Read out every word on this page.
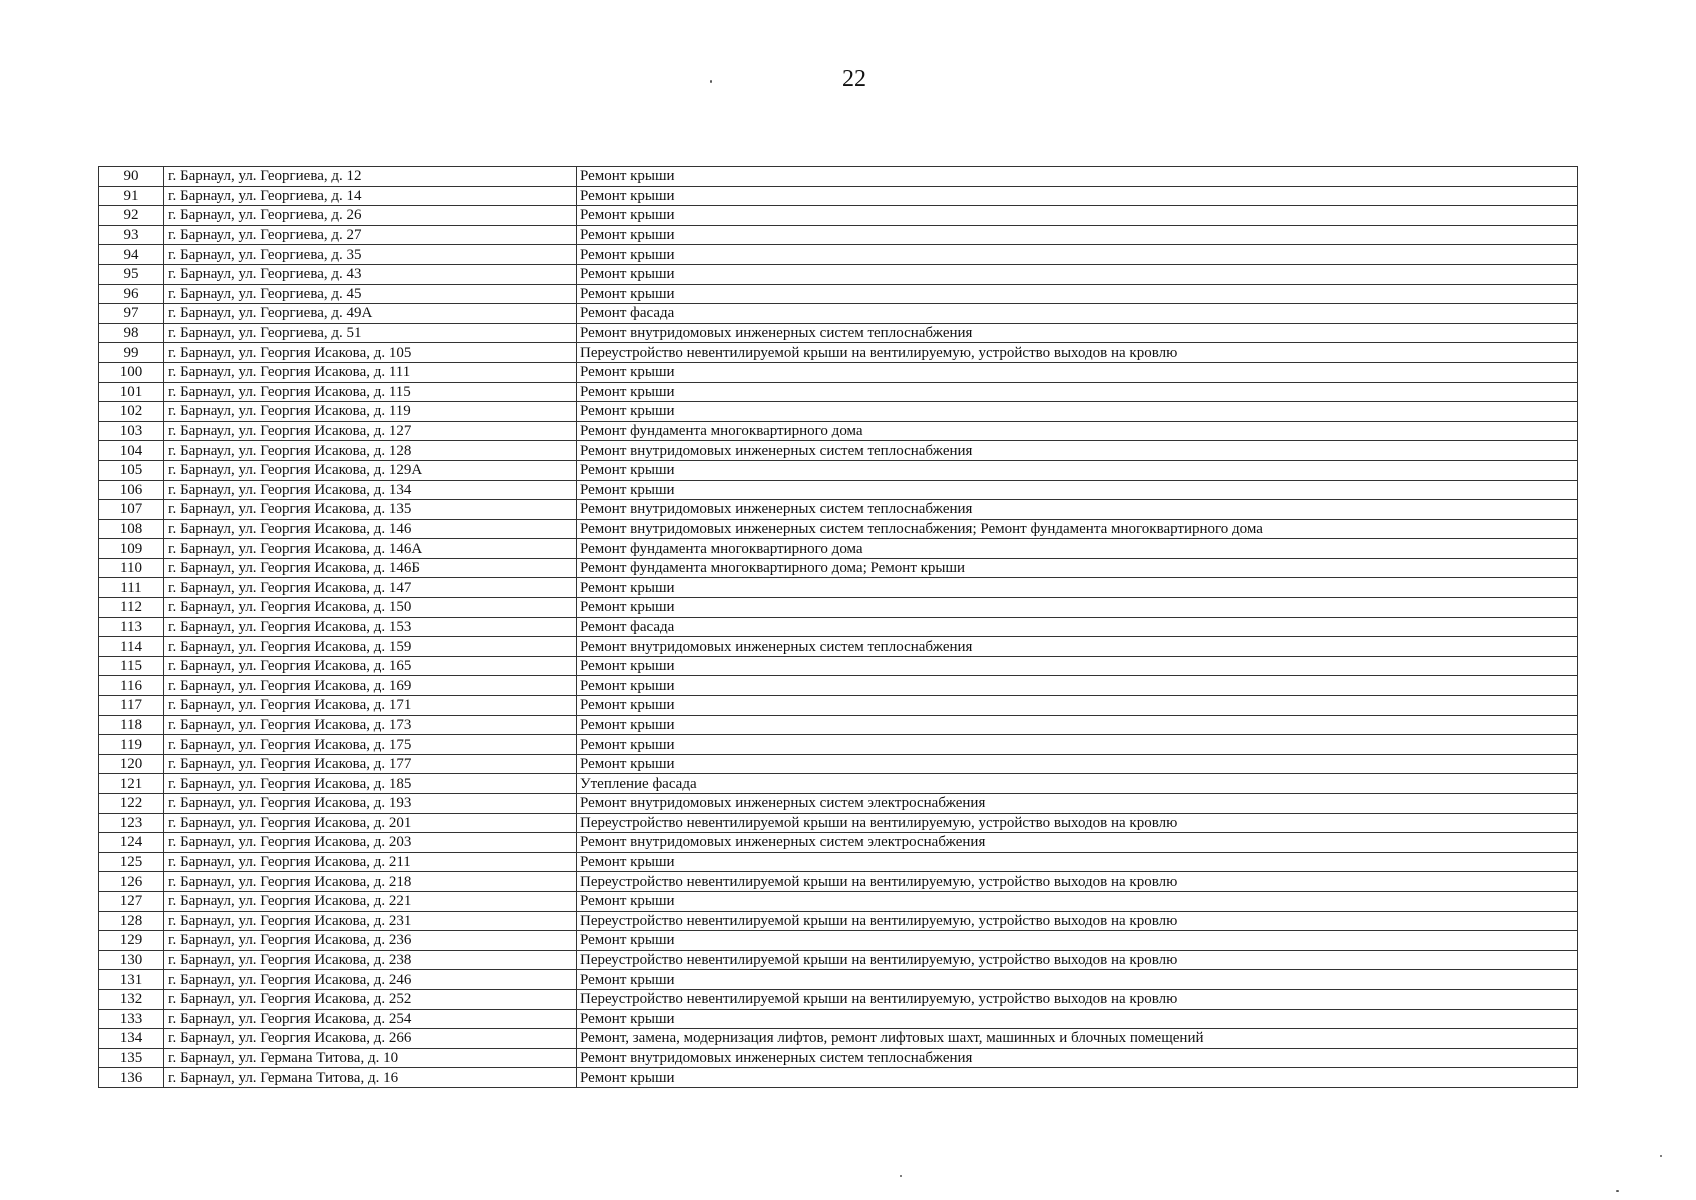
22
90	г. Барнаул, ул. Георгиева, д. 12	Ремонт крыши
91	г. Барнаул, ул. Георгиева, д. 14	Ремонт крыши
92	г. Барнаул, ул. Георгиева, д. 26	Ремонт крыши
93	г. Барнаул, ул. Георгиева, д. 27	Ремонт крыши
94	г. Барнаул, ул. Георгиева, д. 35	Ремонт крыши
95	г. Барнаул, ул. Георгиева, д. 43	Ремонт крыши
96	г. Барнаул, ул. Георгиева, д. 45	Ремонт крыши
97	г. Барнаул, ул. Георгиева, д. 49А	Ремонт фасада
98	г. Барнаул, ул. Георгиева, д. 51	Ремонт внутридомовых инженерных систем теплоснабжения
99	г. Барнаул, ул. Георгия Исакова, д. 105	Переустройство невентилируемой крыши на вентилируемую, устройство выходов на кровлю
100	г. Барнаул, ул. Георгия Исакова, д. 111	Ремонт крыши
101	г. Барнаул, ул. Георгия Исакова, д. 115	Ремонт крыши
102	г. Барнаул, ул. Георгия Исакова, д. 119	Ремонт крыши
103	г. Барнаул, ул. Георгия Исакова, д. 127	Ремонт фундамента многоквартирного дома
104	г. Барнаул, ул. Георгия Исакова, д. 128	Ремонт внутридомовых инженерных систем теплоснабжения
105	г. Барнаул, ул. Георгия Исакова, д. 129А	Ремонт крыши
106	г. Барнаул, ул. Георгия Исакова, д. 134	Ремонт крыши
107	г. Барнаул, ул. Георгия Исакова, д. 135	Ремонт внутридомовых инженерных систем теплоснабжения
108	г. Барнаул, ул. Георгия Исакова, д. 146	Ремонт внутридомовых инженерных систем теплоснабжения; Ремонт фундамента многоквартирного дома
109	г. Барнаул, ул. Георгия Исакова, д. 146А	Ремонт фундамента многоквартирного дома
110	г. Барнаул, ул. Георгия Исакова, д. 146Б	Ремонт фундамента многоквартирного дома; Ремонт крыши
111	г. Барнаул, ул. Георгия Исакова, д. 147	Ремонт крыши
112	г. Барнаул, ул. Георгия Исакова, д. 150	Ремонт крыши
113	г. Барнаул, ул. Георгия Исакова, д. 153	Ремонт фасада
114	г. Барнаул, ул. Георгия Исакова, д. 159	Ремонт внутридомовых инженерных систем теплоснабжения
115	г. Барнаул, ул. Георгия Исакова, д. 165	Ремонт крыши
116	г. Барнаул, ул. Георгия Исакова, д. 169	Ремонт крыши
117	г. Барнаул, ул. Георгия Исакова, д. 171	Ремонт крыши
118	г. Барнаул, ул. Георгия Исакова, д. 173	Ремонт крыши
119	г. Барнаул, ул. Георгия Исакова, д. 175	Ремонт крыши
120	г. Барнаул, ул. Георгия Исакова, д. 177	Ремонт крыши
121	г. Барнаул, ул. Георгия Исакова, д. 185	Утепление фасада
122	г. Барнаул, ул. Георгия Исакова, д. 193	Ремонт внутридомовых инженерных систем электроснабжения
123	г. Барнаул, ул. Георгия Исакова, д. 201	Переустройство невентилируемой крыши на вентилируемую, устройство выходов на кровлю
124	г. Барнаул, ул. Георгия Исакова, д. 203	Ремонт внутридомовых инженерных систем электроснабжения
125	г. Барнаул, ул. Георгия Исакова, д. 211	Ремонт крыши
126	г. Барнаул, ул. Георгия Исакова, д. 218	Переустройство невентилируемой крыши на вентилируемую, устройство выходов на кровлю
127	г. Барнаул, ул. Георгия Исакова, д. 221	Ремонт крыши
128	г. Барнаул, ул. Георгия Исакова, д. 231	Переустройство невентилируемой крыши на вентилируемую, устройство выходов на кровлю
129	г. Барнаул, ул. Георгия Исакова, д. 236	Ремонт крыши
130	г. Барнаул, ул. Георгия Исакова, д. 238	Переустройство невентилируемой крыши на вентилируемую, устройство выходов на кровлю
131	г. Барнаул, ул. Георгия Исакова, д. 246	Ремонт крыши
132	г. Барнаул, ул. Георгия Исакова, д. 252	Переустройство невентилируемой крыши на вентилируемую, устройство выходов на кровлю
133	г. Барнаул, ул. Георгия Исакова, д. 254	Ремонт крыши
134	г. Барнаул, ул. Георгия Исакова, д. 266	Ремонт, замена, модернизация лифтов, ремонт лифтовых шахт, машинных и блочных помещений
135	г. Барнаул, ул. Германа Титова, д. 10	Ремонт внутридомовых инженерных систем теплоснабжения
136	г. Барнаул, ул. Германа Титова, д. 16	Ремонт крыши
